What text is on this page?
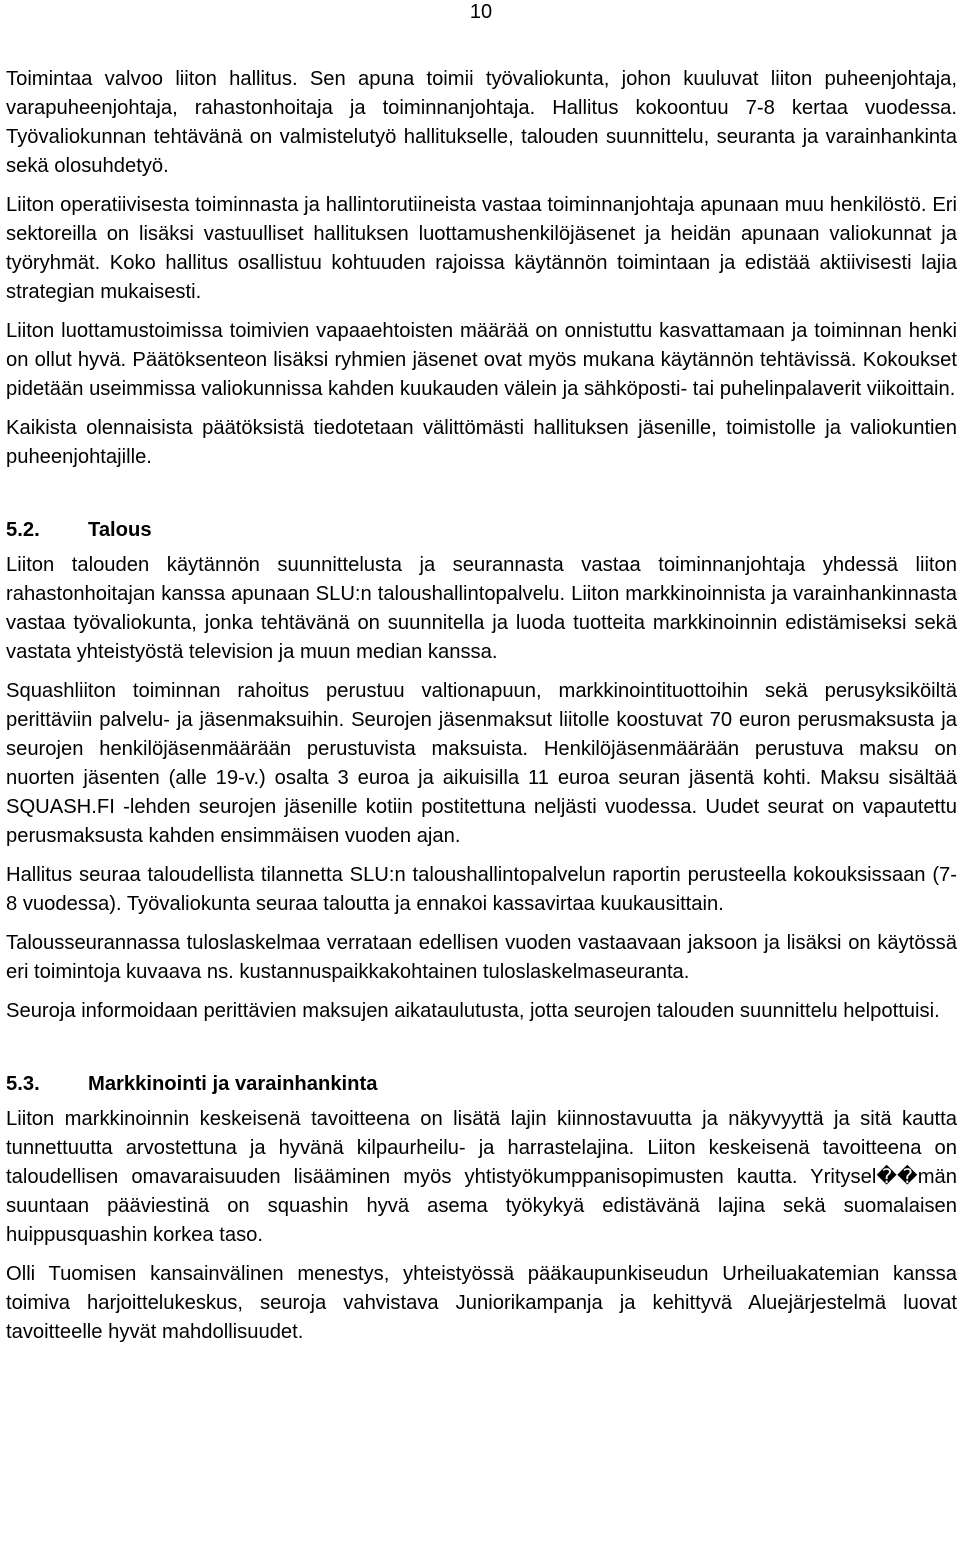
10

Toimintaa valvoo liiton hallitus. Sen apuna toimii työvaliokunta, johon kuuluvat liiton puheenjohtaja, varapuheenjohtaja, rahastonhoitaja ja toiminnanjohtaja. Hallitus kokoontuu 7-8 kertaa vuodessa. Työvaliokunnan tehtävänä on valmistelutyö hallitukselle, talouden suunnittelu, seuranta ja varainhankinta sekä olosuhdetyö.

Liiton operatiivisesta toiminnasta ja hallintorutiineista vastaa toiminnanjohtaja apunaan muu henkilöstö. Eri sektoreilla on lisäksi vastuulliset hallituksen luottamushenkilöjäsenet ja heidän apunaan valiokunnat ja työryhmät. Koko hallitus osallistuu kohtuuden rajoissa käytännön toimintaan ja edistää aktiivisesti lajia strategian mukaisesti.

Liiton luottamustoimissa toimivien vapaaehtoisten määrää on onnistuttu kasvattamaan ja toiminnan henki on ollut hyvä. Päätöksenteon lisäksi ryhmien jäsenet ovat myös mukana käytännön tehtävissä. Kokoukset pidetään useimmissa valiokunnissa kahden kuukauden välein ja sähköposti- tai puhelinpalaverit viikoittain.

Kaikista olennaisista päätöksistä tiedotetaan välittömästi hallituksen jäsenille, toimistolle ja valiokuntien puheenjohtajille.

5.2.	Talous

Liiton talouden käytännön suunnittelusta ja seurannasta vastaa toiminnanjohtaja yhdessä liiton rahastonhoitajan kanssa apunaan SLU:n taloushallintopalvelu. Liiton markkinoinnista ja varainhankinnasta vastaa työvaliokunta, jonka tehtävänä on suunnitella ja luoda tuotteita markkinoinnin edistämiseksi sekä vastata yhteistyöstä television ja muun median kanssa.

Squashliiton toiminnan rahoitus perustuu valtionapuun, markkinointituottoihin sekä perusyksiköiltä perittäviin palvelu- ja jäsenmaksuihin. Seurojen jäsenmaksut liitolle koostuvat 70 euron perusmaksusta ja seurojen henkilöjäsenmäärään perustuvista maksuista. Henkilöjäsenmäärään perustuva maksu on nuorten jäsenten (alle 19-v.) osalta 3 euroa ja aikuisilla 11 euroa seuran jäsentä kohti. Maksu sisältää SQUASH.FI -lehden seurojen jäsenille kotiin postitettuna neljästi vuodessa. Uudet seurat on vapautettu perusmaksusta kahden ensimmäisen vuoden ajan.

Hallitus seuraa taloudellista tilannetta SLU:n taloushallintopalvelun raportin perusteella kokouksissaan (7-8 vuodessa). Työvaliokunta seuraa taloutta ja ennakoi kassavirtaa kuukausittain.

Talousseurannassa tuloslaskelmaa verrataan edellisen vuoden vastaavaan jaksoon ja lisäksi on käytössä eri toimintoja kuvaava ns. kustannuspaikkakohtainen tuloslaskelmaseuranta.

Seuroja informoidaan perittävien maksujen aikataulutusta, jotta seurojen talouden suunnittelu helpottuisi.

5.3.	Markkinointi ja varainhankinta

Liiton markkinoinnin keskeisenä tavoitteena on lisätä lajin kiinnostavuutta ja näkyvyyttä ja sitä kautta tunnettuutta arvostettuna ja hyvänä kilpaurheilu- ja harrastelajina. Liiton keskeisenä tavoitteena on taloudellisen omavaraisuuden lisääminen myös yhtistyökumppanisopimusten kautta. Yritysel��män suuntaan pääviestinä on squashin hyvä asema työkykyä edistävänä lajina sekä suomalaisen huippusquashin korkea taso.

Olli Tuomisen kansainvälinen menestys, yhteistyössä pääkaupunkiseudun Urheiluakatemian kanssa toimiva harjoittelukeskus, seuroja vahvistava Juniorikampanja ja kehittyvä Aluejärjestelmä luovat tavoitteelle hyvät mahdollisuudet.
